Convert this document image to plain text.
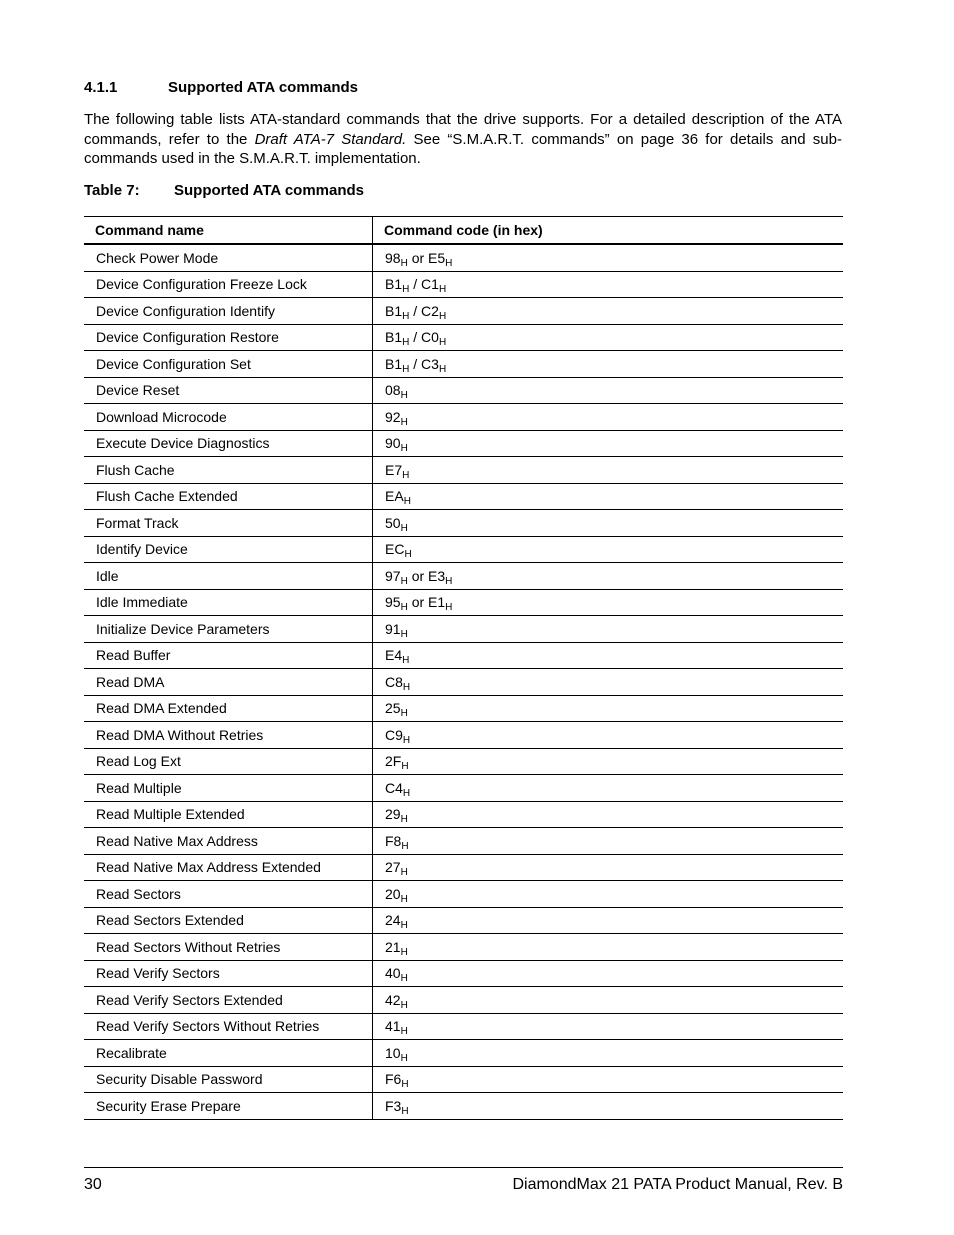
4.1.1	Supported ATA commands

The following table lists ATA-standard commands that the drive supports. For a detailed description of the ATA commands, refer to the Draft ATA-7 Standard. See “S.M.A.R.T. commands” on page 36 for details and sub-commands used in the S.M.A.R.T. implementation.

Table 7: Supported ATA commands
Command name	Command code (in hex)
Check Power Mode	$98_H$ or $E5_H$
Device Configuration Freeze Lock	$B1_H / C1_H$
Device Configuration Identify	$B1_H / C2_H$
Device Configuration Restore	$B1_H / C0_H$
Device Configuration Set	$B1_H / C3_H$
Device Reset	$08_H$
Download Microcode	$92_H$
Execute Device Diagnostics	$90_H$
Flush Cache	$E7_H$
Flush Cache Extended	$EA_H$
Format Track	$50_H$
Identify Device	$EC_H$
Idle	$97_H$ or $E3_H$
Idle Immediate	$95_H$ or $E1_H$
Initialize Device Parameters	$91_H$
Read Buffer	$E4_H$
Read DMA	$C8_H$
Read DMA Extended	$25_H$
Read DMA Without Retries	$C9_H$
Read Log Ext	$2F_H$
Read Multiple	$C4_H$
Read Multiple Extended	$29_H$
Read Native Max Address	$F8_H$
Read Native Max Address Extended	$27_H$
Read Sectors	$20_H$
Read Sectors Extended	$24_H$
Read Sectors Without Retries	$21_H$
Read Verify Sectors	$40_H$
Read Verify Sectors Extended	$42_H$
Read Verify Sectors Without Retries	$41_H$
Recalibrate	$10_H$
Security Disable Password	$F6_H$
Security Erase Prepare	$F3_H$
30	DiamondMax 21 PATA Product Manual, Rev. B
